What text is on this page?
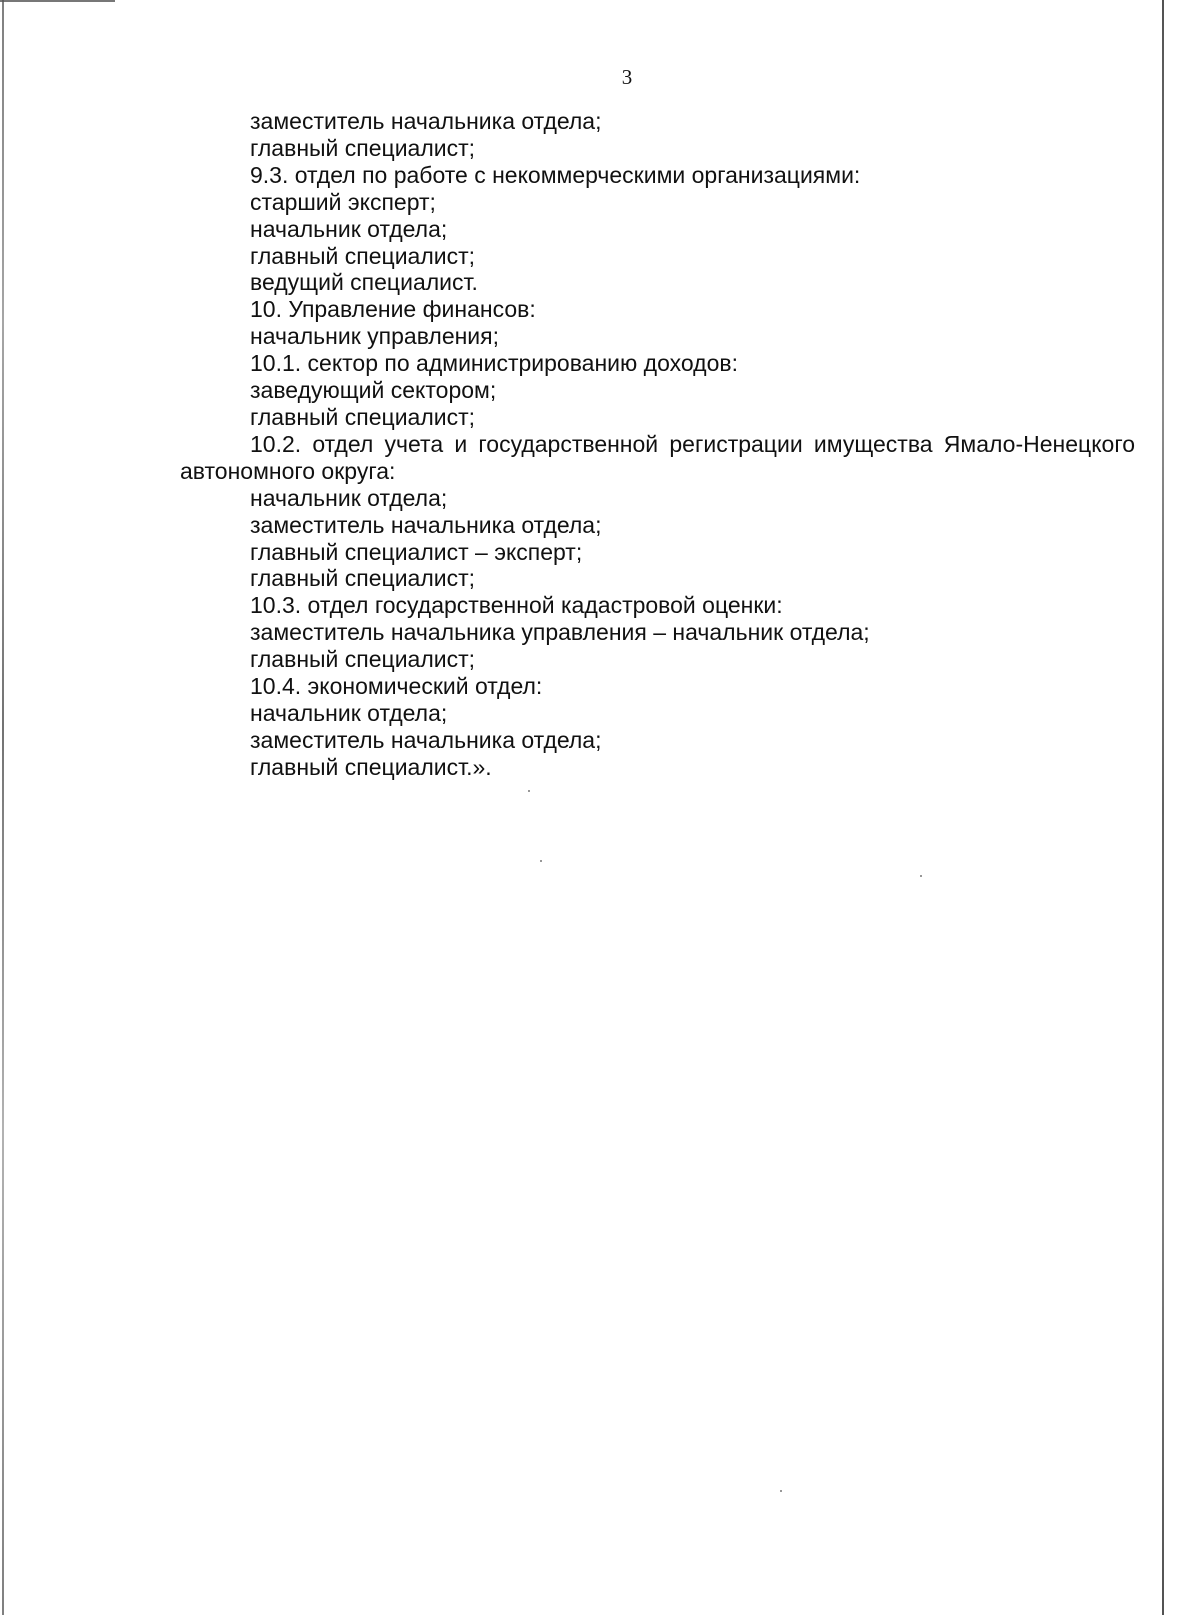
3

заместитель начальника отдела;

главный специалист;

9.3. отдел по работе с некоммерческими организациями:

старший эксперт;

начальник отдела;

главный специалист;

ведущий специалист.

10. Управление финансов:

начальник управления;

10.1. сектор по администрированию доходов:

заведующий сектором;

главный специалист;

10.2. отдел учета и государственной регистрации имущества Ямало-Ненецкого автономного округа:

начальник отдела;

заместитель начальника отдела;

главный специалист – эксперт;

главный специалист;

10.3. отдел государственной кадастровой оценки:

заместитель начальника управления – начальник отдела;

главный специалист;

10.4. экономический отдел:

начальник отдела;

заместитель начальника отдела;

главный специалист.».
